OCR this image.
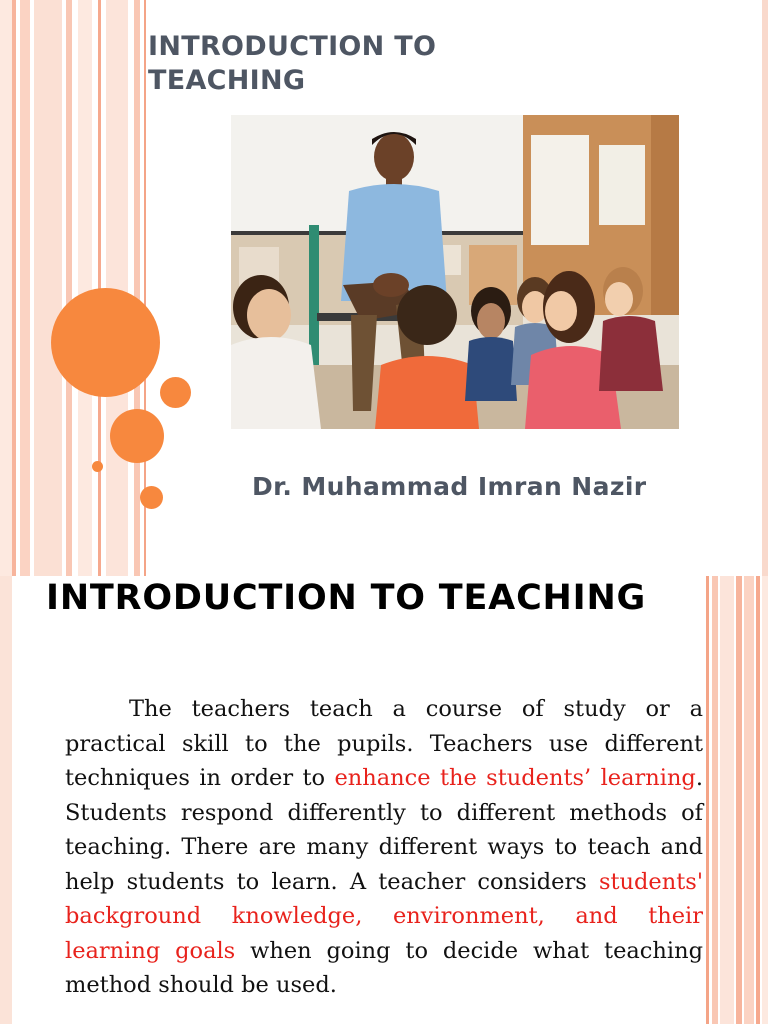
INTRODUCTION TO TEACHING
Dr. Muhammad Imran Nazir
INTRODUCTION TO TEACHING

The teachers teach a course of study or a practical skill to the pupils. Teachers use different techniques in order to enhance the students’ learning. Students respond differently to different methods of teaching. There are many different ways to teach and help students to learn. A teacher considers students' background knowledge, environment, and their learning goals when going to decide what teaching method should be used.
